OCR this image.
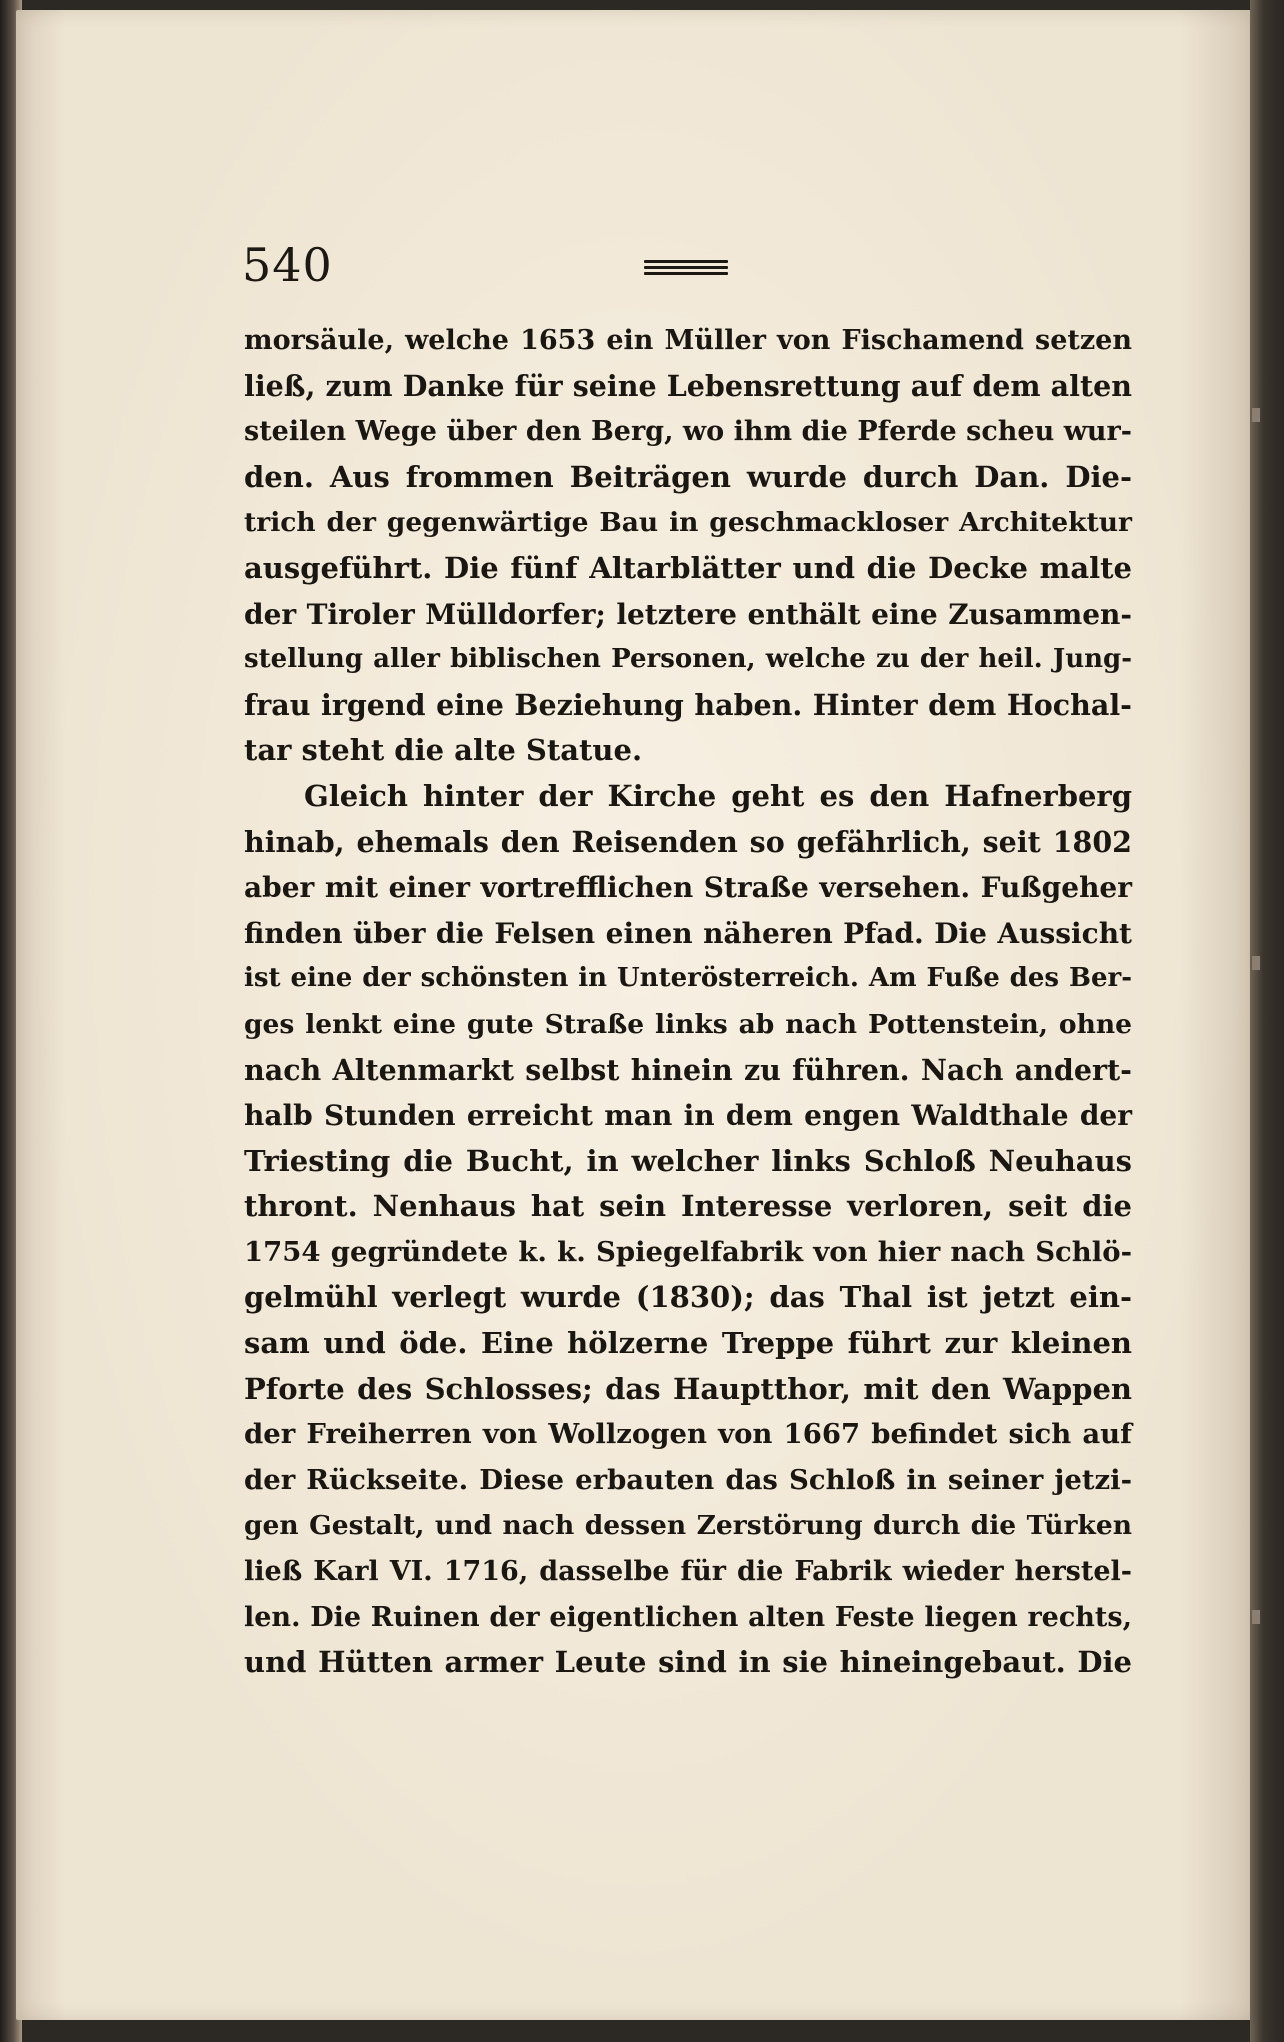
540
morsäule, welche 1653 ein Müller von Fischamend setzen
ließ, zum Danke für seine Lebensrettung auf dem alten
steilen Wege über den Berg, wo ihm die Pferde scheu wur-
den. Aus frommen Beiträgen wurde durch Dan. Die-
trich der gegenwärtige Bau in geschmackloser Architektur
ausgeführt. Die fünf Altarblätter und die Decke malte
der Tiroler Mülldorfer; letztere enthält eine Zusammen-
stellung aller biblischen Personen, welche zu der heil. Jung-
frau irgend eine Beziehung haben. Hinter dem Hochal-
tar steht die alte Statue.
Gleich hinter der Kirche geht es den Hafnerberg
hinab, ehemals den Reisenden so gefährlich, seit 1802
aber mit einer vortrefflichen Straße versehen. Fußgeher
finden über die Felsen einen näheren Pfad. Die Aussicht
ist eine der schönsten in Unterösterreich. Am Fuße des Ber-
ges lenkt eine gute Straße links ab nach Pottenstein, ohne
nach Altenmarkt selbst hinein zu führen. Nach andert-
halb Stunden erreicht man in dem engen Waldthale der
Triesting die Bucht, in welcher links Schloß Neuhaus
thront. Nenhaus hat sein Interesse verloren, seit die
1754 gegründete k. k. Spiegelfabrik von hier nach Schlö-
gelmühl verlegt wurde (1830); das Thal ist jetzt ein-
sam und öde. Eine hölzerne Treppe führt zur kleinen
Pforte des Schlosses; das Hauptthor, mit den Wappen
der Freiherren von Wollzogen von 1667 befindet sich auf
der Rückseite. Diese erbauten das Schloß in seiner jetzi-
gen Gestalt, und nach dessen Zerstörung durch die Türken
ließ Karl VI. 1716, dasselbe für die Fabrik wieder herstel-
len. Die Ruinen der eigentlichen alten Feste liegen rechts,
und Hütten armer Leute sind in sie hineingebaut. Die
